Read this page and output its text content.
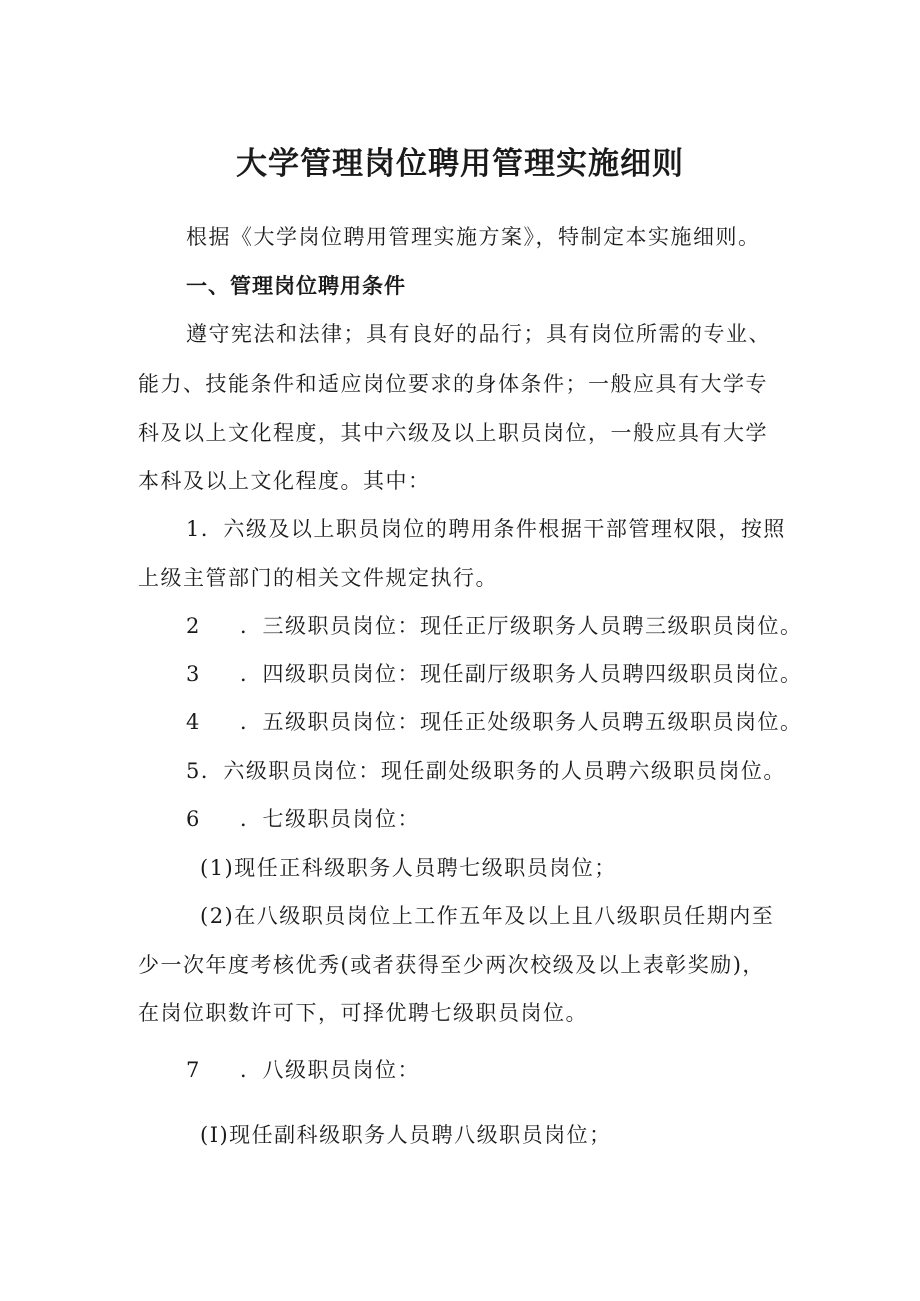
大学管理岗位聘用管理实施细则
根据《大学岗位聘用管理实施方案》，特制定本实施细则。
一、管理岗位聘用条件
遵守宪法和法律；具有良好的品行；具有岗位所需的专业、
能力、技能条件和适应岗位要求的身体条件；一般应具有大学专
科及以上文化程度，其中六级及以上职员岗位，一般应具有大学
本科及以上文化程度。其中：
1．六级及以上职员岗位的聘用条件根据干部管理权限，按照
上级主管部门的相关文件规定执行。
2 ．三级职员岗位：现任正厅级职务人员聘三级职员岗位。
3 ．四级职员岗位：现任副厅级职务人员聘四级职员岗位。
4 ．五级职员岗位：现任正处级职务人员聘五级职员岗位。
5．六级职员岗位：现任副处级职务的人员聘六级职员岗位。
6 ．七级职员岗位：
(1)现任正科级职务人员聘七级职员岗位；
(2)在八级职员岗位上工作五年及以上且八级职员任期内至
少一次年度考核优秀(或者获得至少两次校级及以上表彰奖励)，
在岗位职数许可下，可择优聘七级职员岗位。
7 ．八级职员岗位：
(I)现任副科级职务人员聘八级职员岗位；
